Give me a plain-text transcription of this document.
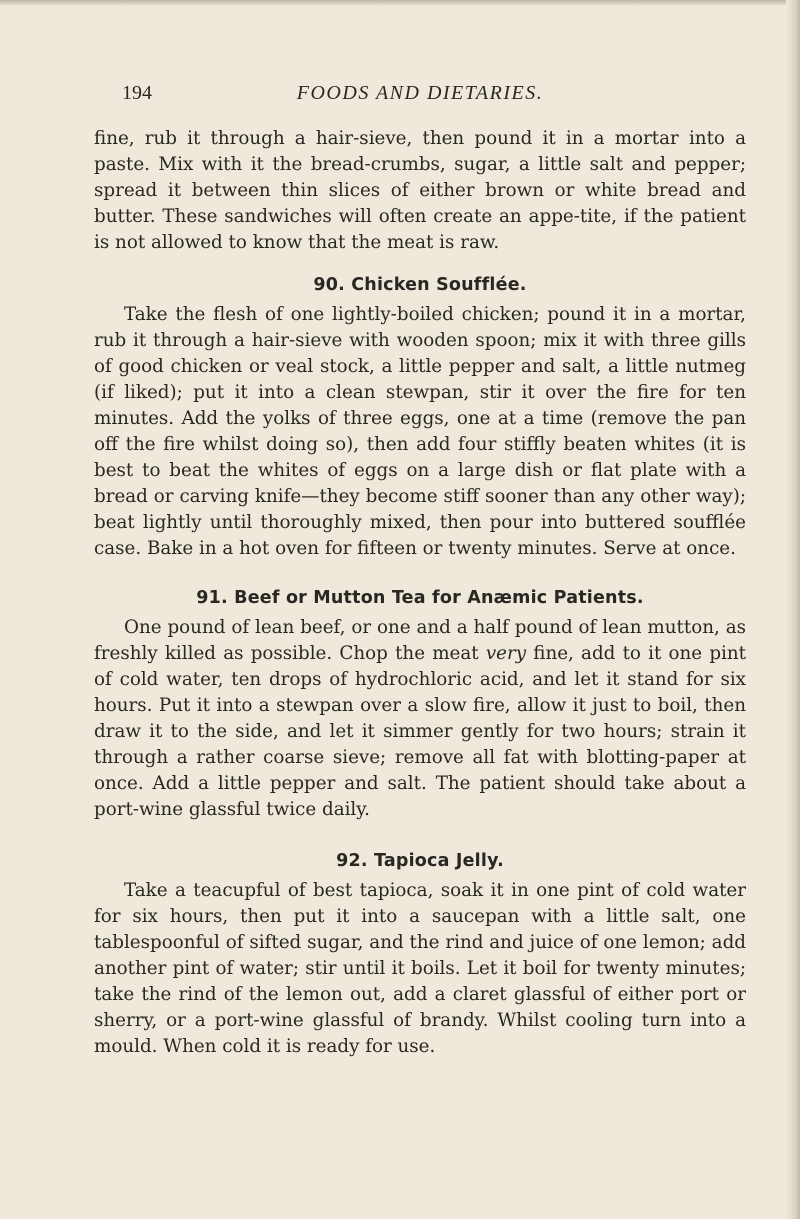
194	FOODS AND DIETARIES.

fine, rub it through a hair-sieve, then pound it in a mortar into a paste. Mix with it the bread-crumbs, sugar, a little salt and pepper; spread it between thin slices of either brown or white bread and butter. These sandwiches will often create an appe-tite, if the patient is not allowed to know that the meat is raw.

90. Chicken Soufflée.

Take the flesh of one lightly-boiled chicken; pound it in a mortar, rub it through a hair-sieve with wooden spoon; mix it with three gills of good chicken or veal stock, a little pepper and salt, a little nutmeg (if liked); put it into a clean stewpan, stir it over the fire for ten minutes. Add the yolks of three eggs, one at a time (remove the pan off the fire whilst doing so), then add four stiffly beaten whites (it is best to beat the whites of eggs on a large dish or flat plate with a bread or carving knife—they become stiff sooner than any other way); beat lightly until thoroughly mixed, then pour into buttered soufflée case. Bake in a hot oven for fifteen or twenty minutes. Serve at once.

91. Beef or Mutton Tea for Anæmic Patients.

One pound of lean beef, or one and a half pound of lean mutton, as freshly killed as possible. Chop the meat very fine, add to it one pint of cold water, ten drops of hydrochloric acid, and let it stand for six hours. Put it into a stewpan over a slow fire, allow it just to boil, then draw it to the side, and let it simmer gently for two hours; strain it through a rather coarse sieve; remove all fat with blotting-paper at once. Add a little pepper and salt. The patient should take about a port-wine glassful twice daily.

92. Tapioca Jelly.

Take a teacupful of best tapioca, soak it in one pint of cold water for six hours, then put it into a saucepan with a little salt, one tablespoonful of sifted sugar, and the rind and juice of one lemon; add another pint of water; stir until it boils. Let it boil for twenty minutes; take the rind of the lemon out, add a claret glassful of either port or sherry, or a port-wine glassful of brandy. Whilst cooling turn into a mould. When cold it is ready for use.
